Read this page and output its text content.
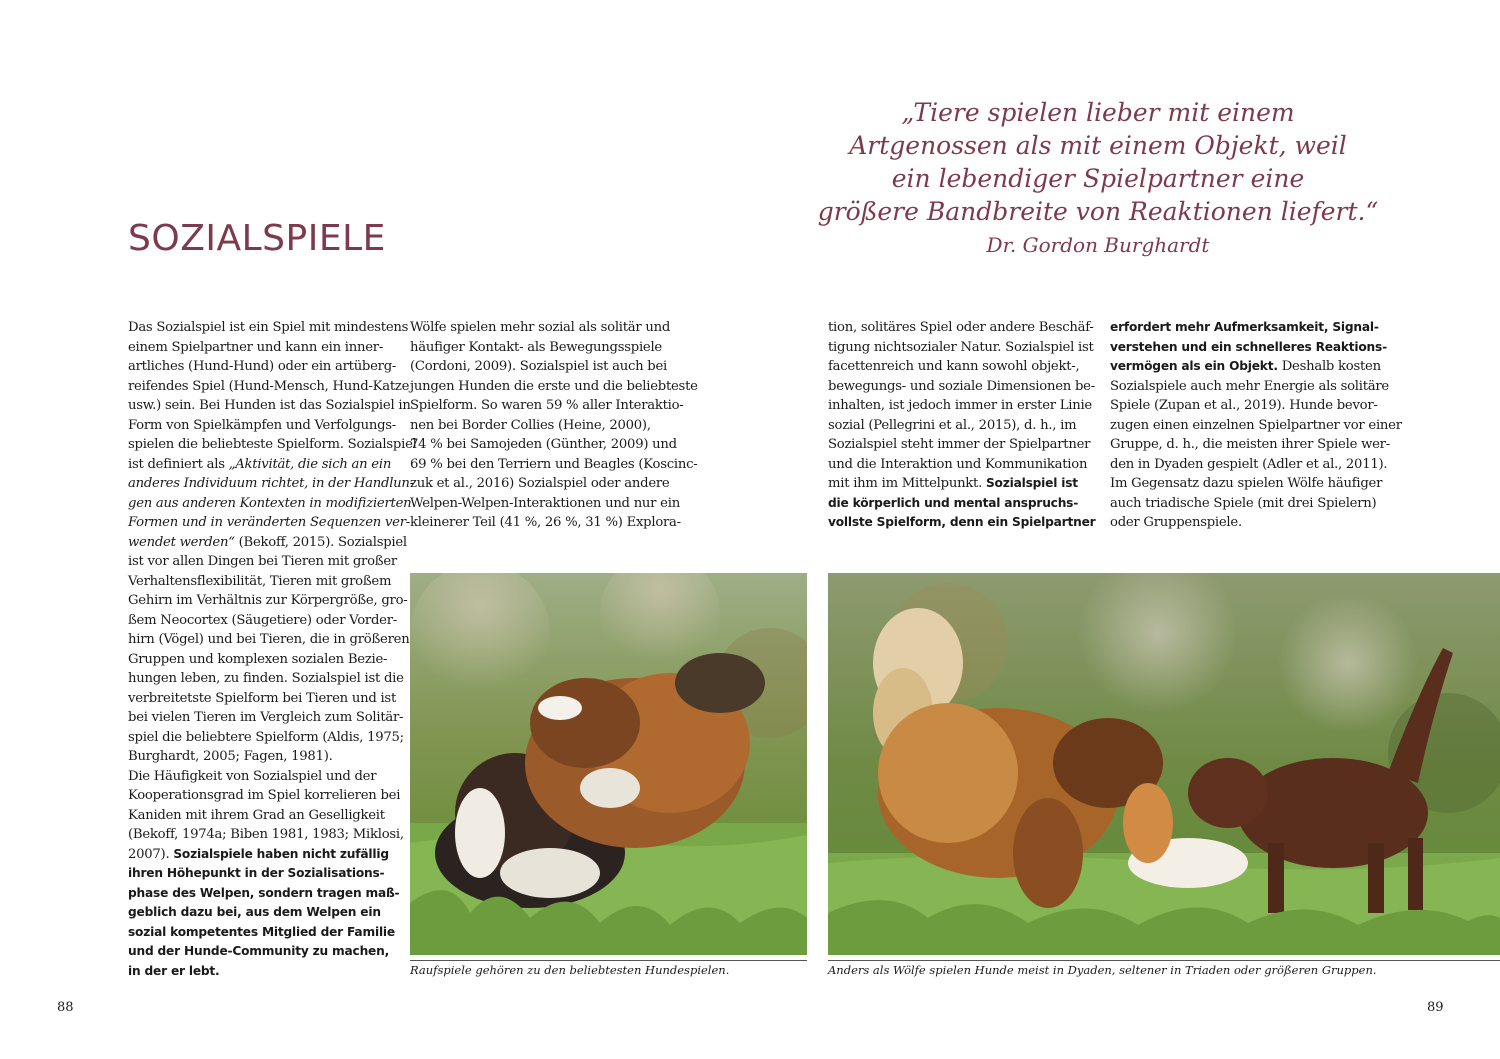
SOZIALSPIELE
„Tiere spielen lieber mit einem
Artgenossen als mit einem Objekt, weil
ein lebendiger Spielpartner eine
größere Bandbreite von Reaktionen liefert.“
Dr. Gordon Burghardt
Das Sozialspiel ist ein Spiel mit mindestens
einem Spielpartner und kann ein inner-
artliches (Hund-Hund) oder ein artüberg-
reifendes Spiel (Hund-Mensch, Hund-Katze
usw.) sein. Bei Hunden ist das Sozialspiel in
Form von Spielkämpfen und Verfolgungs-
spielen die beliebteste Spielform. Sozialspiel
ist definiert als „Aktivität, die sich an ein
anderes Individuum richtet, in der Handlun-
gen aus anderen Kontexten in modifizierten
Formen und in veränderten Sequenzen ver-
wendet werden“ (Bekoff, 2015). Sozialspiel
ist vor allen Dingen bei Tieren mit großer
Verhaltensflexibilität, Tieren mit großem
Gehirn im Verhältnis zur Körpergröße, gro-
ßem Neocortex (Säugetiere) oder Vorder-
hirn (Vögel) und bei Tieren, die in größeren
Gruppen und komplexen sozialen Bezie-
hungen leben, zu finden. Sozialspiel ist die
verbreitetste Spielform bei Tieren und ist
bei vielen Tieren im Vergleich zum Solitär-
spiel die beliebtere Spielform (Aldis, 1975;
Burghardt, 2005; Fagen, 1981).
Die Häufigkeit von Sozialspiel und der
Kooperationsgrad im Spiel korrelieren bei
Kaniden mit ihrem Grad an Geselligkeit
(Bekoff, 1974a; Biben 1981, 1983; Miklosi,
2007). Sozialspiele haben nicht zufällig
ihren Höhepunkt in der Sozialisations-
phase des Welpen, sondern tragen maß-
geblich dazu bei, aus dem Welpen ein
sozial kompetentes Mitglied der Familie
und der Hunde-Community zu machen,
in der er lebt.
Wölfe spielen mehr sozial als solitär und
häufiger Kontakt- als Bewegungsspiele
(Cordoni, 2009). Sozialspiel ist auch bei
jungen Hunden die erste und die beliebteste
Spielform. So waren 59 % aller Interaktio-
nen bei Border Collies (Heine, 2000),
74 % bei Samojeden (Günther, 2009) und
69 % bei den Terriern und Beagles (Koscinc-
zuk et al., 2016) Sozialspiel oder andere
Welpen-Welpen-Interaktionen und nur ein
kleinerer Teil (41 %, 26 %, 31 %) Explora-
tion, solitäres Spiel oder andere Beschäf-
tigung nichtsozialer Natur. Sozialspiel ist
facettenreich und kann sowohl objekt-,
bewegungs- und soziale Dimensionen be-
inhalten, ist jedoch immer in erster Linie
sozial (Pellegrini et al., 2015), d. h., im
Sozialspiel steht immer der Spielpartner
und die Interaktion und Kommunikation
mit ihm im Mittelpunkt. Sozialspiel ist
die körperlich und mental anspruchs-
vollste Spielform, denn ein Spielpartner
erfordert mehr Aufmerksamkeit, Signal-
verstehen und ein schnelleres Reaktions-
vermögen als ein Objekt. Deshalb kosten
Sozialspiele auch mehr Energie als solitäre
Spiele (Zupan et al., 2019). Hunde bevor-
zugen einen einzelnen Spielpartner vor einer
Gruppe, d. h., die meisten ihrer Spiele wer-
den in Dyaden gespielt (Adler et al., 2011).
Im Gegensatz dazu spielen Wölfe häufiger
auch triadische Spiele (mit drei Spielern)
oder Gruppenspiele.
Raufspiele gehören zu den beliebtesten Hundespielen.	Anders als Wölfe spielen Hunde meist in Dyaden, seltener in Triaden oder größeren Gruppen.
88	89
